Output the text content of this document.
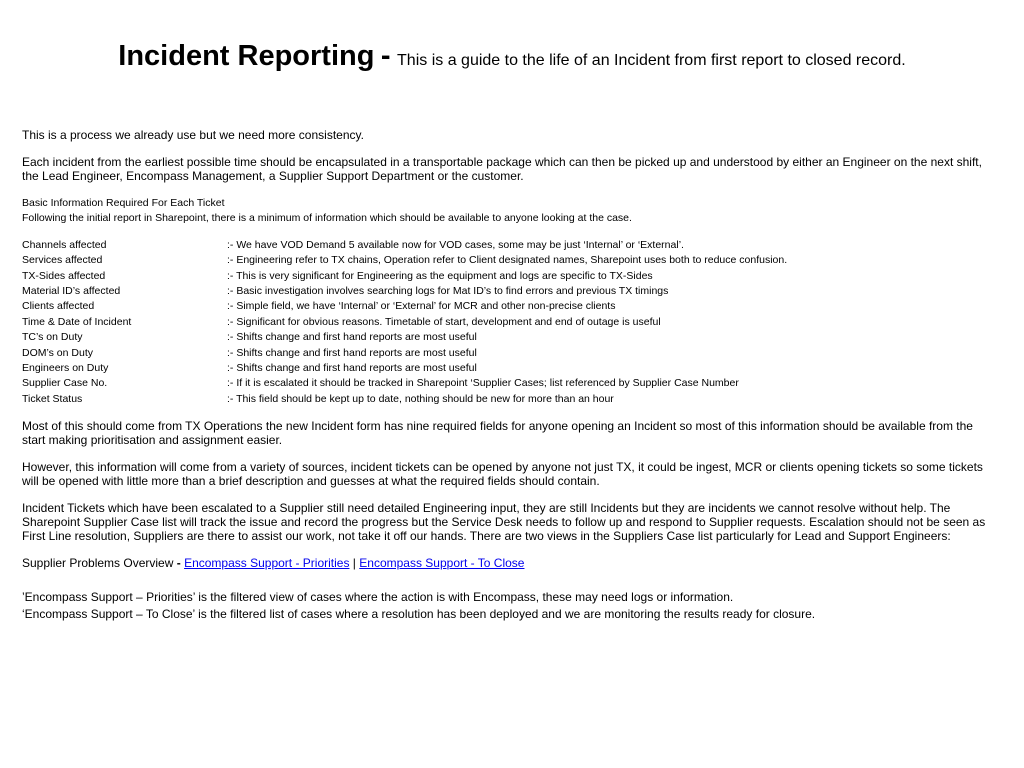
Incident Reporting - This is a guide to the life of an Incident from first report to closed record.

This is a process we already use but we need more consistency.

Each incident from the earliest possible time should be encapsulated in a transportable package which can then be picked up and understood by either an Engineer on the next shift, the Lead Engineer, Encompass Management, a Supplier Support Department or the customer.

Basic Information Required For Each Ticket

Following the initial report in Sharepoint, there is a minimum of information which should be available to anyone looking at the case.

Channels affected	:- We have VOD Demand 5 available now for VOD cases, some may be just ‘Internal’ or ‘External’.
Services affected	:- Engineering refer to TX chains, Operation refer to Client designated names, Sharepoint uses both to reduce confusion.
TX-Sides affected	:- This is very significant for Engineering as the equipment and logs are specific to TX-Sides
Material ID’s affected	:- Basic investigation involves searching logs for Mat ID’s to find errors and previous TX timings
Clients affected	:- Simple field, we have ‘Internal’ or ‘External’ for MCR and other non-precise clients
Time & Date of Incident	:- Significant for obvious reasons. Timetable of start, development and end of outage is useful
TC’s on Duty	:- Shifts change and first hand reports are most useful
DOM’s on Duty	:- Shifts change and first hand reports are most useful
Engineers on Duty	:- Shifts change and first hand reports are most useful
Supplier Case No.	:- If it is escalated it should be tracked in Sharepoint ‘Supplier Cases; list referenced by Supplier Case Number
Ticket Status	:- This field should be kept up to date, nothing should be new for more than an hour

Most of this should come from TX Operations the new Incident form has nine required fields for anyone opening an Incident so most of this information should be available from the start making prioritisation and assignment easier.

However, this information will come from a variety of sources, incident tickets can be opened by anyone not just TX, it could be ingest, MCR or clients opening tickets so some tickets will be opened with little more than a brief description and guesses at what the required fields should contain.

Incident Tickets which have been escalated to a Supplier still need detailed Engineering input, they are still Incidents but they are incidents we cannot resolve without help. The Sharepoint Supplier Case list will track the issue and record the progress but the Service Desk needs to follow up and respond to Supplier requests. Escalation should not be seen as First Line resolution, Suppliers are there to assist our work, not take it off our hands. There are two views in the Suppliers Case list particularly for Lead and Support Engineers:

Supplier Problems Overview - Encompass Support - Priorities | Encompass Support - To Close

’Encompass Support – Priorities’ is the filtered view of cases where the action is with Encompass, these may need logs or information.

‘Encompass Support – To Close’ is the filtered list of cases where a resolution has been deployed and we are monitoring the results ready for closure.
